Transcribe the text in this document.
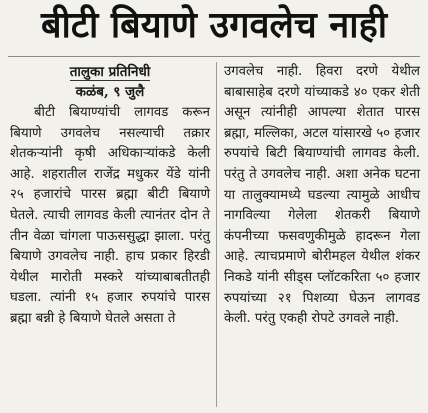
बीटी बियाणे उगवलेच नाही
तालुका प्रतिनिधी
कळंब, ९ जुलै

बीटी बियाण्यांची लागवड करून बियाणे उगवलेच नसल्याची तक्रार शेतकऱ्यांनी कृषी अधिकाऱ्यांकडे केली आहे. शहरातील राजेंद्र मधुकर येंडे यांनी २५ हजारांचे पारस ब्रह्मा बीटी बियाणे घेतले. त्याची लागवड केली त्यानंतर दोन ते तीन वेळा चांगला पाऊससुद्धा झाला. परंतु बियाणे उगवलेच नाही. हाच प्रकार हिरडी येथील मारोती मस्करे यांच्याबाबतीतही घडला. त्यांनी १५ हजार रुपयांचे पारस ब्रह्मा बन्नी हे बियाणे घेतले असता ते

उगवलेच नाही. हिवरा दरणे येथील बाबासाहेब दरणे यांच्याकडे ४० एकर शेती असून त्यांनीही आपल्या शेतात पारस ब्रह्मा, मल्लिका, अटल यांसारखे ५० हजार रुपयांचे बिटी बियाण्यांची लागवड केली. परंतु ते उगवलेच नाही. अशा अनेक घटना या तालुक्यामध्ये घडल्या त्यामुळे आधीच नागविल्या गेलेला शेतकरी बियाणे कंपनीच्या फसवणुकीमुळे हादरून गेला आहे. त्याचप्रमाणे बोरीमहल येथील शंकर निकडे यांनी सीड्स प्लॉटकरिता ५० हजार रुपयांच्या २१ पिशव्या घेऊन लागवड केली. परंतु एकही रोपटे उगवले नाही.
